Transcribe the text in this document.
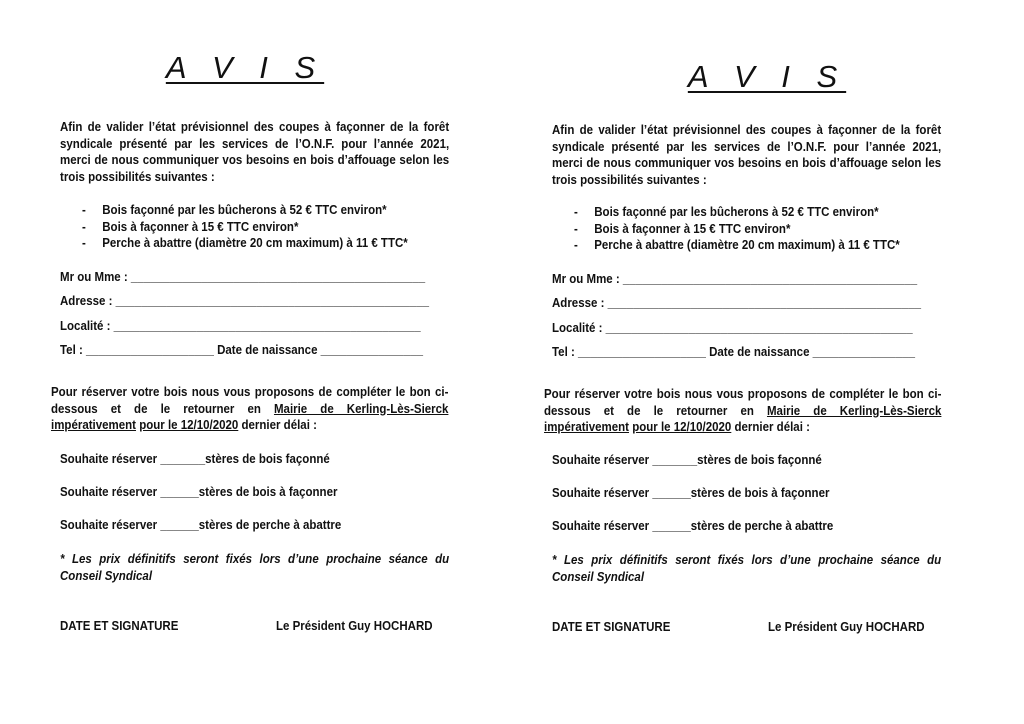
A V I S

Afin de valider l’état prévisionnel des coupes à façonner de la forêt syndicale présenté par les services de l’O.N.F. pour l’année 2021, merci de nous communiquer vos besoins en bois d’affouage selon les trois possibilités suivantes :

- Bois façonné par les bûcherons à 52 € TTC environ*
- Bois à façonner à 15 € TTC environ*
- Perche à abattre (diamètre 20 cm maximum) à 11 € TTC*
Mr ou Mme : ______________________________________________
Adresse : _________________________________________________
Localité : ________________________________________________
Tel : ____________________ Date de naissance ________________

Pour réserver votre bois nous vous proposons de compléter le bon ci-dessous et de le retourner en Mairie de Kerling-Lès-Sierck impérativement pour le 12/10/2020 dernier délai :

Souhaite réserver _______stères de bois façonné
Souhaite réserver ______stères de bois à façonner
Souhaite réserver ______stères de perche à abattre

* Les prix définitifs seront fixés lors d’une prochaine séance du Conseil Syndical

DATE ET SIGNATURE	Le Président Guy HOCHARD
A V I S

Afin de valider l’état prévisionnel des coupes à façonner de la forêt syndicale présenté par les services de l’O.N.F. pour l’année 2021, merci de nous communiquer vos besoins en bois d’affouage selon les trois possibilités suivantes :

- Bois façonné par les bûcherons à 52 € TTC environ*
- Bois à façonner à 15 € TTC environ*
- Perche à abattre (diamètre 20 cm maximum) à 11 € TTC*
Mr ou Mme : ______________________________________________
Adresse : _________________________________________________
Localité : ________________________________________________
Tel : ____________________ Date de naissance ________________

Pour réserver votre bois nous vous proposons de compléter le bon ci-dessous et de le retourner en Mairie de Kerling-Lès-Sierck impérativement pour le 12/10/2020 dernier délai :

Souhaite réserver _______stères de bois façonné
Souhaite réserver ______stères de bois à façonner
Souhaite réserver ______stères de perche à abattre

* Les prix définitifs seront fixés lors d’une prochaine séance du Conseil Syndical

DATE ET SIGNATURE	Le Président Guy HOCHARD
